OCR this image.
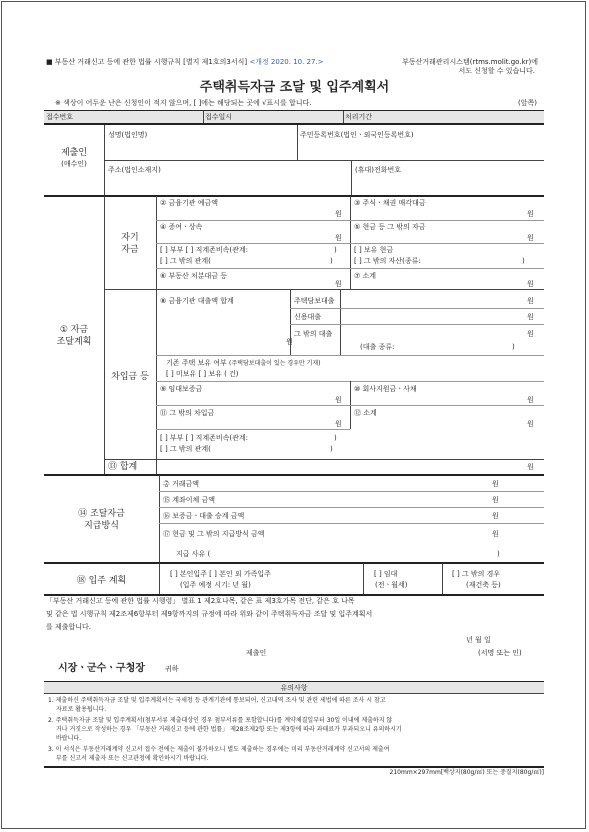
■ 부동산 거래신고 등에 관한 법률 시행규칙 [별지 제1호의3서식] <개정 2020. 10. 27.>	부동산거래관리시스템(rtms.molit.go.kr)에
서도 신청할 수 있습니다.
주택취득자금 조달 및 입주계획서
※ 색상이 어두운 난은 신청인이 적지 않으며, [ ]에는 해당되는 곳에 √표시를 합니다.	(앞쪽)
접수번호	접수일시	처리기간
제출인
(매수인)
성명(법인명)	주민등록번호(법인ㆍ외국인등록번호)
주소(법인소재지)	(휴대)전화번호
① 자금
조달계획
자기
자금
② 금융기관 예금액
원
③ 주식ㆍ채권 매각대금
원
④ 증여ㆍ상속
원
⑤ 현금 등 그 밖의 자금
원
[ ] 부부 [ ] 직계존비속(관계:	)
[ ] 그 밖의 관계(	)
[ ] 보유 현금
[ ] 그 밖의 자산(종류:	)
⑥ 부동산 처분대금 등
원
⑦ 소계
원
차입금 등
⑧ 금융기관 대출액 합계
원
주택담보대출	원
신용대출	원
그 밖의 대출	원
(대출 종류:	)
기존 주택 보유 여부 (주택담보대출이 있는 경우만 기재)
[ ] 미보유 [ ] 보유 ( 건)
⑨ 임대보증금
원
⑩ 회사지원금ㆍ사채
원
⑪ 그 밖의 차입금
원
⑫ 소계
원
[ ] 부부 [ ] 직계존비속(관계:	)
[ ] 그 밖의 관계(	)
⑬ 합계	원
⑭ 조달자금
지급방식
총 거래금액	원
⑮ 계좌이체 금액	원
⑯ 보증금ㆍ대출 승계 금액	원
⑰ 현금 및 그 밖의 지급방식 금액	원
지급 사유 (	)
⑱ 입주 계획
[ ] 본인입주 [ ] 본인 외 가족입주
(입주 예정 시기: 년 월)
[ ] 임대
(전ㆍ월세)
[ ] 그 밖의 경우
(재건축 등)
「부동산 거래신고 등에 관한 법률 시행령」 별표 1 제2호나목, 같은 표 제3호가목 전단, 같은 호 나목
및 같은 법 시행규칙 제2조제6항부터 제9항까지의 규정에 따라 위와 같이 주택취득자금 조달 및 입주계획서
를 제출합니다.
년 월 일
제출인	(서명 또는 인)
시장ㆍ군수ㆍ구청장	귀하
유의사항
1. 제출하신 주택취득자금 조달 및 입주계획서는 국세청 등 관계기관에 통보되어, 신고내역 조사 및 관련 세법에 따른 조사 시 참고
자료로 활용됩니다.
2. 주택취득자금 조달 및 입주계획서(첨부서류 제출대상인 경우 첨부서류를 포함합니다)를 계약체결일부터 30일 이내에 제출하지 않
거나 거짓으로 작성하는 경우 「부동산 거래신고 등에 관한 법률」 제28조제2항 또는 제3항에 따라 과태료가 부과되오니 유의하시기
바랍니다.
3. 이 서식은 부동산거래계약 신고서 접수 전에는 제출이 불가하오니 별도 제출하는 경우에는 미리 부동산거래계약 신고서의 제출여
부를 신고서 제출자 또는 신고관청에 확인하시기 바랍니다.
210mm×297mm[백상지(80g/㎡) 또는 중질지(80g/㎡)]
